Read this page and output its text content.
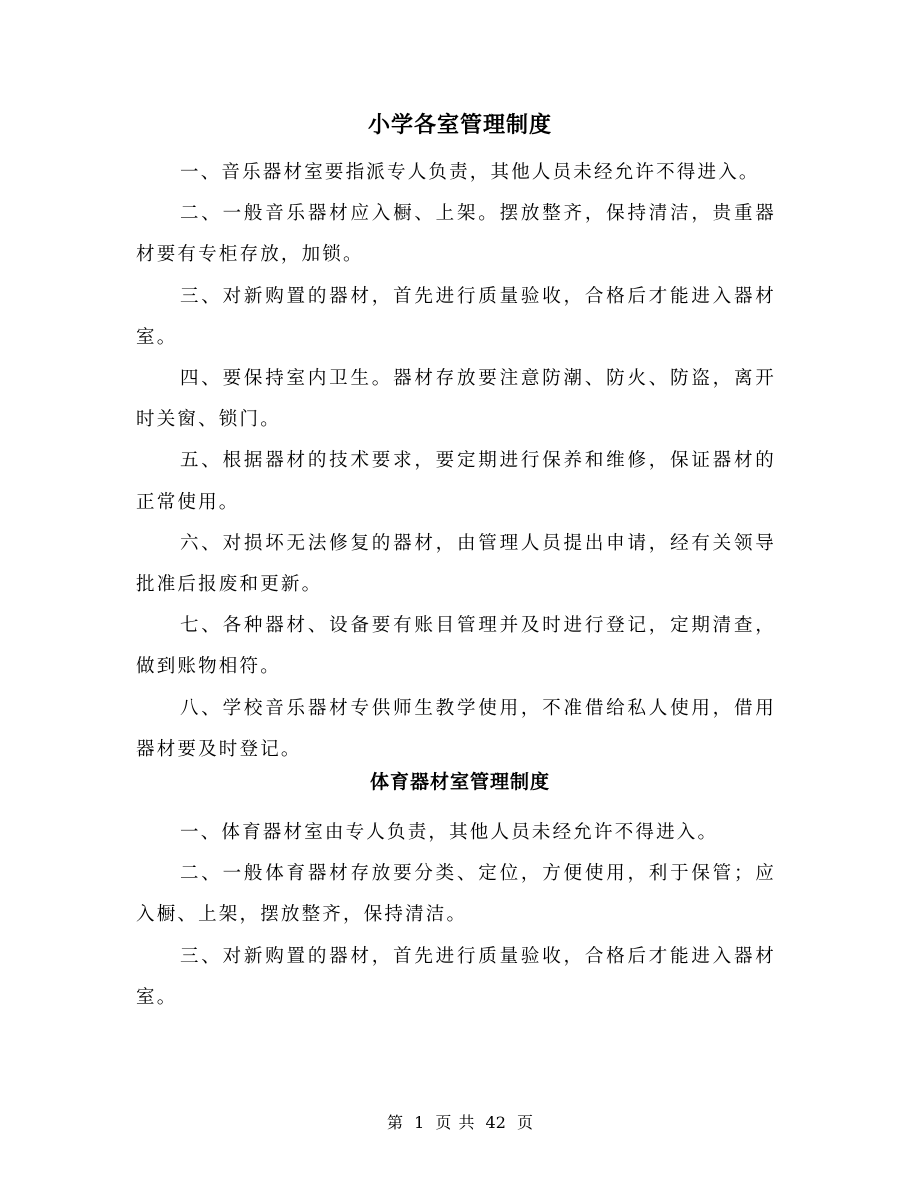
小学各室管理制度

一、音乐器材室要指派专人负责，其他人员未经允许不得进入。

二、一般音乐器材应入橱、上架。摆放整齐，保持清洁，贵重器材要有专柜存放，加锁。

三、对新购置的器材，首先进行质量验收，合格后才能进入器材室。

四、要保持室内卫生。器材存放要注意防潮、防火、防盗，离开时关窗、锁门。

五、根据器材的技术要求，要定期进行保养和维修，保证器材的正常使用。

六、对损坏无法修复的器材，由管理人员提出申请，经有关领导批准后报废和更新。

七、各种器材、设备要有账目管理并及时进行登记，定期清查，做到账物相符。

八、学校音乐器材专供师生教学使用，不准借给私人使用，借用器材要及时登记。

体育器材室管理制度

一、体育器材室由专人负责，其他人员未经允许不得进入。

二、一般体育器材存放要分类、定位，方便使用，利于保管；应入橱、上架，摆放整齐，保持清洁。

三、对新购置的器材，首先进行质量验收，合格后才能进入器材室。

第 1 页 共 42 页
